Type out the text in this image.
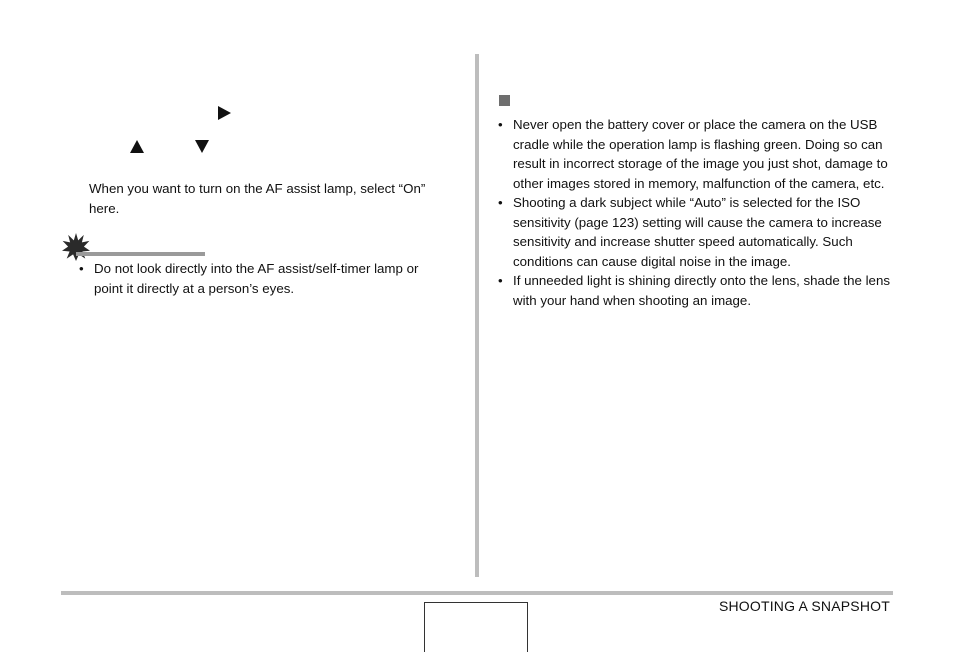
When you want to turn on the AF assist lamp, select “On” here.
• Do not look directly into the AF assist/self-timer lamp or point it directly at a person’s eyes.
• Never open the battery cover or place the camera on the USB cradle while the operation lamp is flashing green. Doing so can result in incorrect storage of the image you just shot, damage to other images stored in memory, malfunction of the camera, etc.
• Shooting a dark subject while “Auto” is selected for the ISO sensitivity (page 123) setting will cause the camera to increase sensitivity and increase shutter speed automatically. Such conditions can cause digital noise in the image.
• If unneeded light is shining directly onto the lens, shade the lens with your hand when shooting an image.
SHOOTING A SNAPSHOT
